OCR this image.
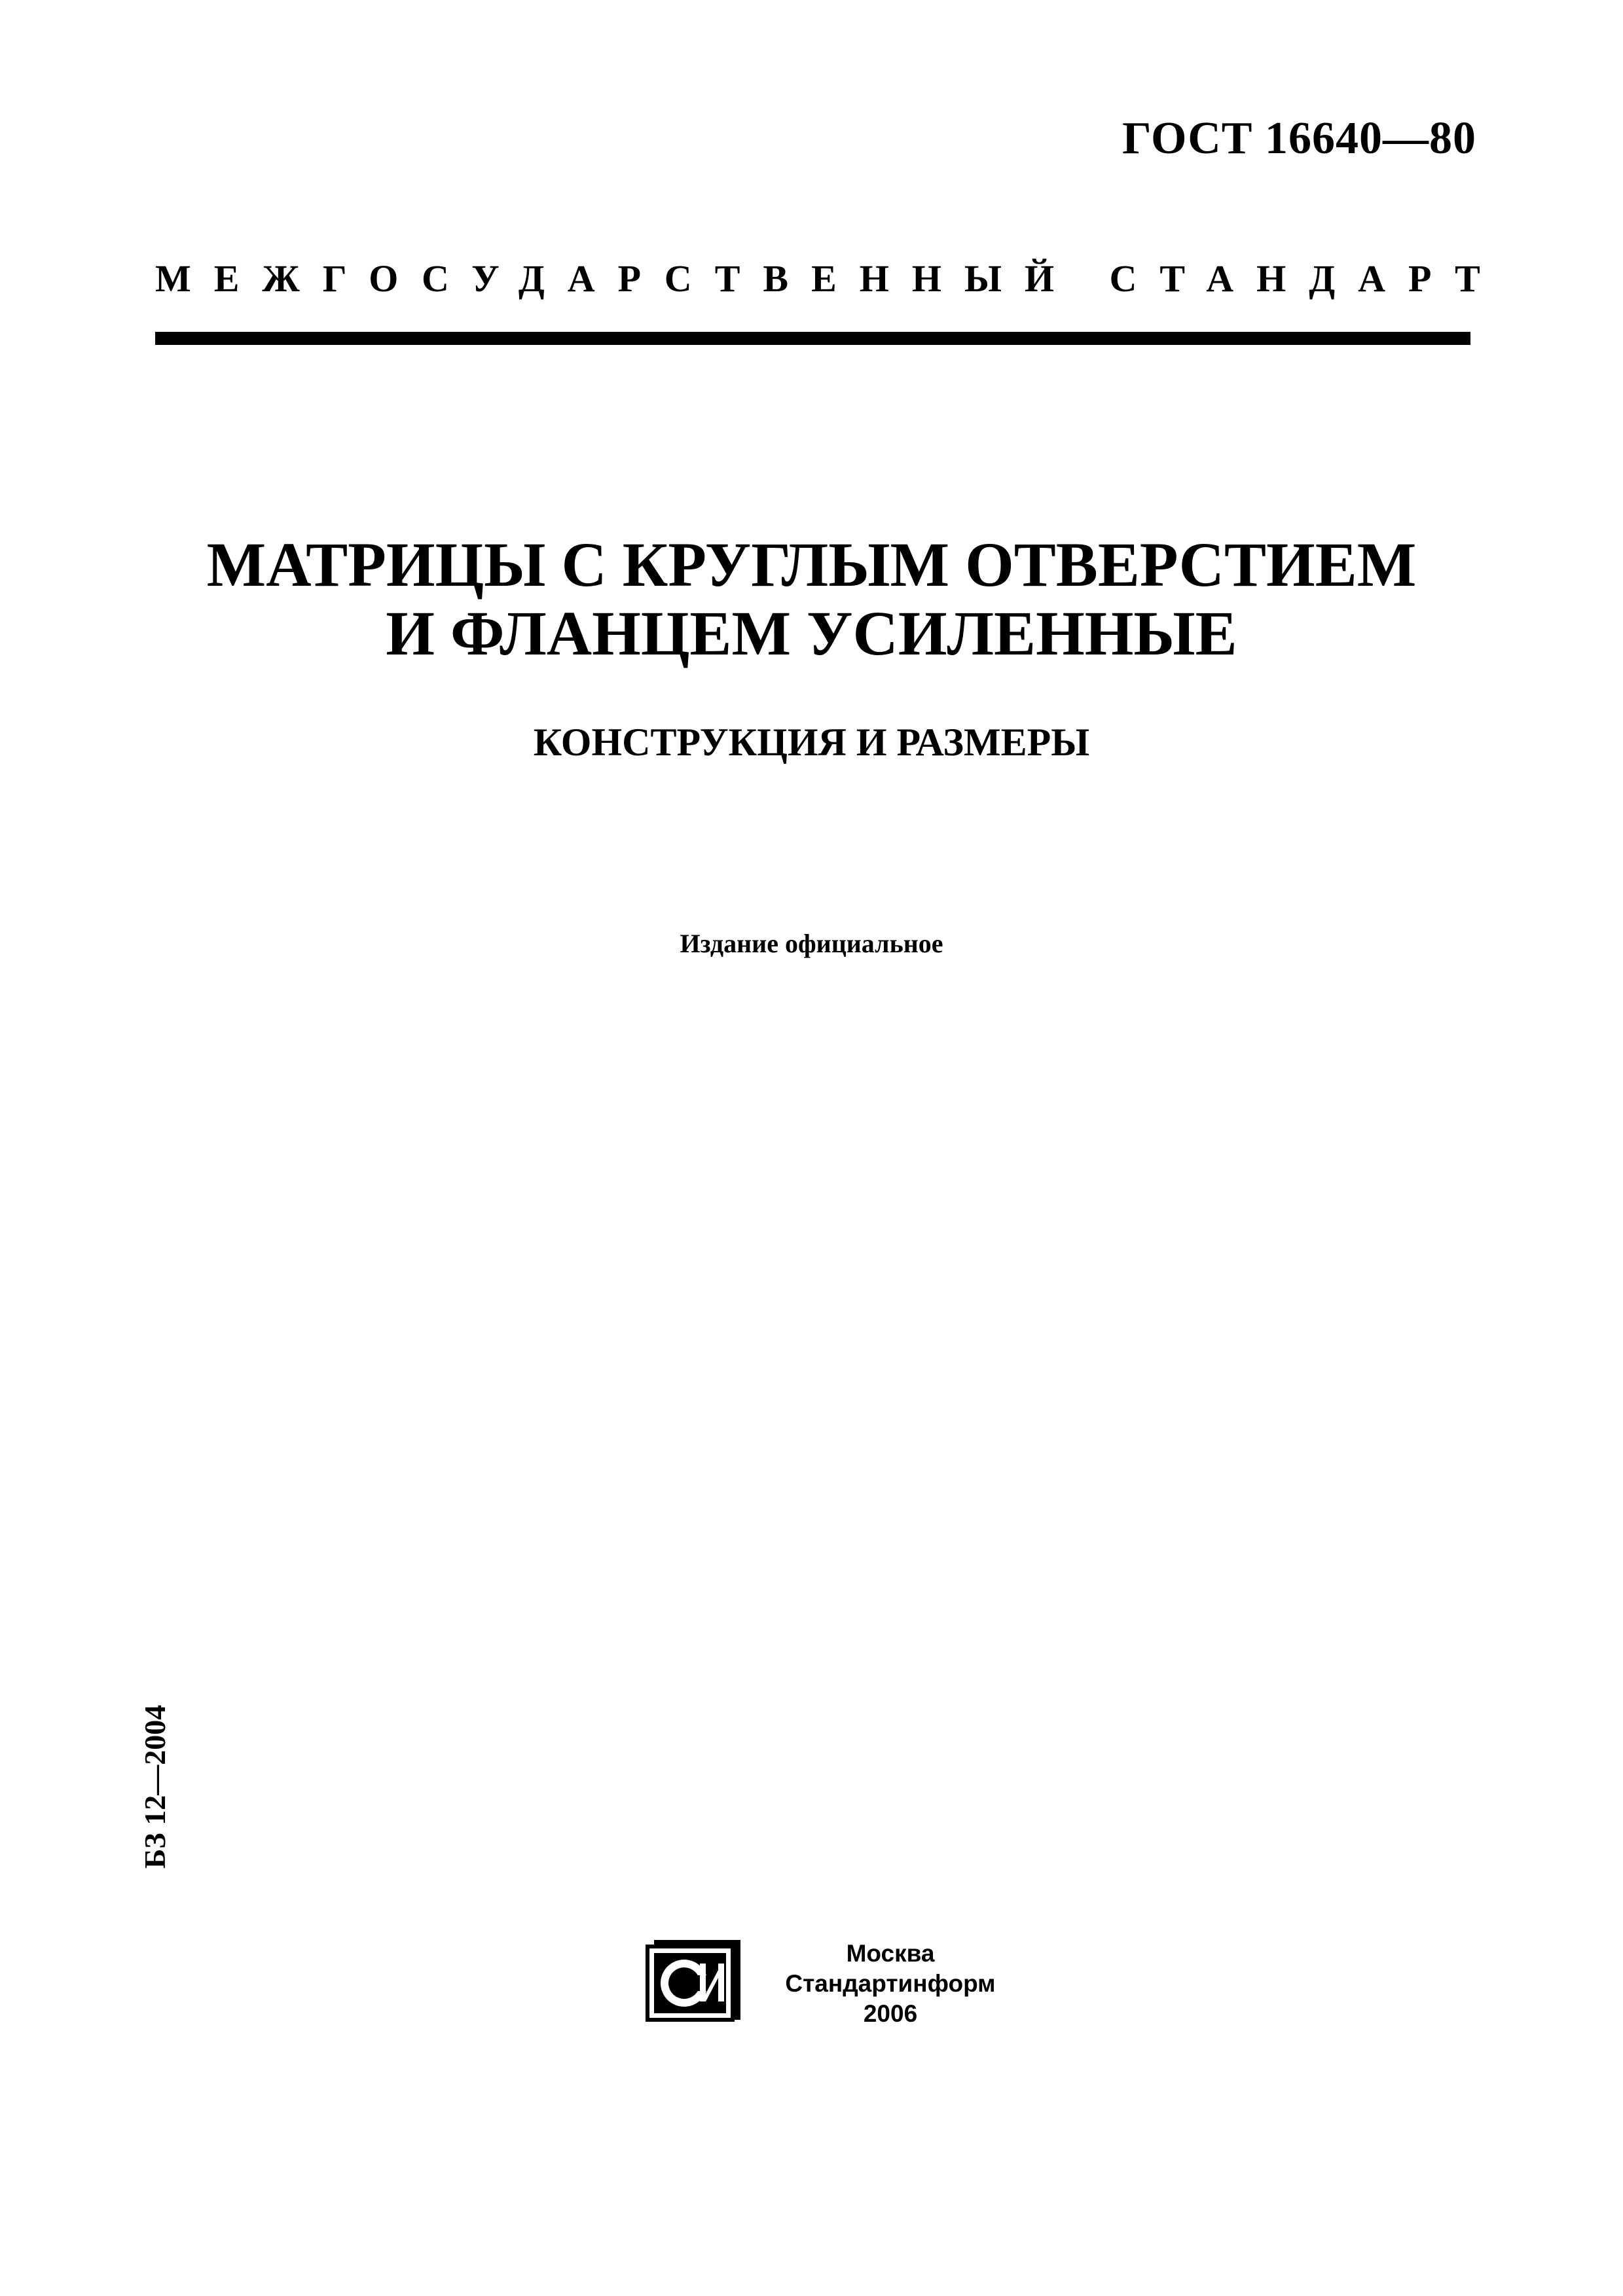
ГОСТ 16640—80
МЕЖГОСУДАРСТВЕННЫЙ СТАНДАРТ
МАТРИЦЫ С КРУГЛЫМ ОТВЕРСТИЕМ
И ФЛАНЦЕМ УСИЛЕННЫЕ
КОНСТРУКЦИЯ И РАЗМЕРЫ
Издание официальное
БЗ 12—2004
Москва
Стандартинформ
2006
